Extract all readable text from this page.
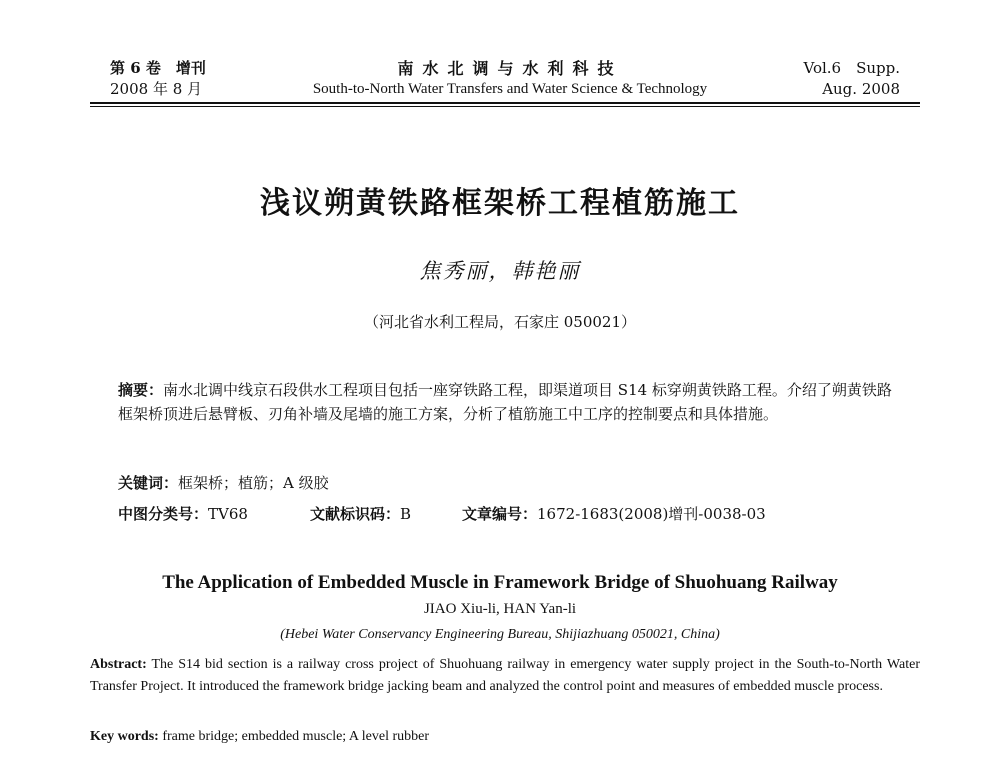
第 6 卷　增刊
2008 年 8 月
南水北调与水利科技
South-to-North Water Transfers and Water Science & Technology
Vol.6　Supp.
Aug. 2008
浅议朔黄铁路框架桥工程植筋施工
焦秀丽，韩艳丽
（河北省水利工程局，石家庄 050021）
摘要：南水北调中线京石段供水工程项目包括一座穿铁路工程，即渠道项目 S14 标穿朔黄铁路工程。介绍了朔黄铁路框架桥顶进后悬臂板、刃角补墙及尾墙的施工方案，分析了植筋施工中工序的控制要点和具体措施。
关键词：框架桥；植筋；A 级胶
中图分类号：TV68	文献标识码：B	文章编号：1672-1683(2008)增刊-0038-03
The Application of Embedded Muscle in Framework Bridge of Shuohuang Railway
JIAO Xiu-li, HAN Yan-li
(Hebei Water Conservancy Engineering Bureau, Shijiazhuang 050021, China)
Abstract: The S14 bid section is a railway cross project of Shuohuang railway in emergency water supply project in the South-to-North Water Transfer Project. It introduced the framework bridge jacking beam and analyzed the control point and measures of embedded muscle process.
Key words: frame bridge; embedded muscle; A level rubber
